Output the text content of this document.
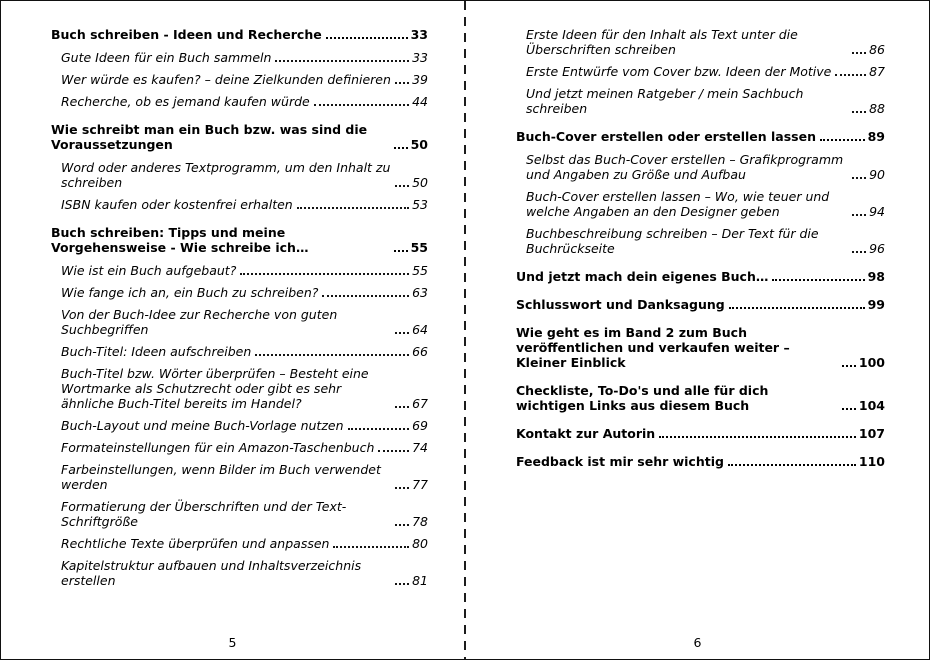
Buch schreiben - Ideen und Recherche	33
Gute Ideen für ein Buch sammeln	33
Wer würde es kaufen? – deine Zielkunden definieren 39
Recherche, ob es jemand kaufen würde	44
Wie schreibt man ein Buch bzw. was sind die Voraussetzungen	50
Word oder anderes Textprogramm, um den Inhalt zu schreiben	50
ISBN kaufen oder kostenfrei erhalten	53
Buch schreiben: Tipps und meine Vorgehensweise - Wie schreibe ich…	55
Wie ist ein Buch aufgebaut?	55
Wie fange ich an, ein Buch zu schreiben?	63
Von der Buch-Idee zur Recherche von guten Suchbegriffen	64
Buch-Titel: Ideen aufschreiben	66
Buch-Titel bzw. Wörter überprüfen – Besteht eine Wortmarke als Schutzrecht oder gibt es sehr ähnliche Buch-Titel bereits im Handel?	67
Buch-Layout und meine Buch-Vorlage nutzen	69
Formateinstellungen für ein Amazon-Taschenbuch	74
Farbeinstellungen, wenn Bilder im Buch verwendet werden	77
Formatierung der Überschriften und der Text-Schriftgröße	78
Rechtliche Texte überprüfen und anpassen	80
Kapitelstruktur aufbauen und Inhaltsverzeichnis erstellen	81
5
Erste Ideen für den Inhalt als Text unter die Überschriften schreiben	86
Erste Entwürfe vom Cover bzw. Ideen der Motive	87
Und jetzt meinen Ratgeber / mein Sachbuch schreiben	88
Buch-Cover erstellen oder erstellen lassen	89
Selbst das Buch-Cover erstellen – Grafikprogramm und Angaben zu Größe und Aufbau	90
Buch-Cover erstellen lassen – Wo, wie teuer und welche Angaben an den Designer geben	94
Buchbeschreibung schreiben – Der Text für die Buchrückseite	96
Und jetzt mach dein eigenes Buch…	98
Schlusswort und Danksagung	99
Wie geht es im Band 2 zum Buch veröffentlichen und verkaufen weiter – Kleiner Einblick	100
Checkliste, To-Do's und alle für dich wichtigen Links aus diesem Buch	104
Kontakt zur Autorin	107
Feedback ist mir sehr wichtig	110
6
